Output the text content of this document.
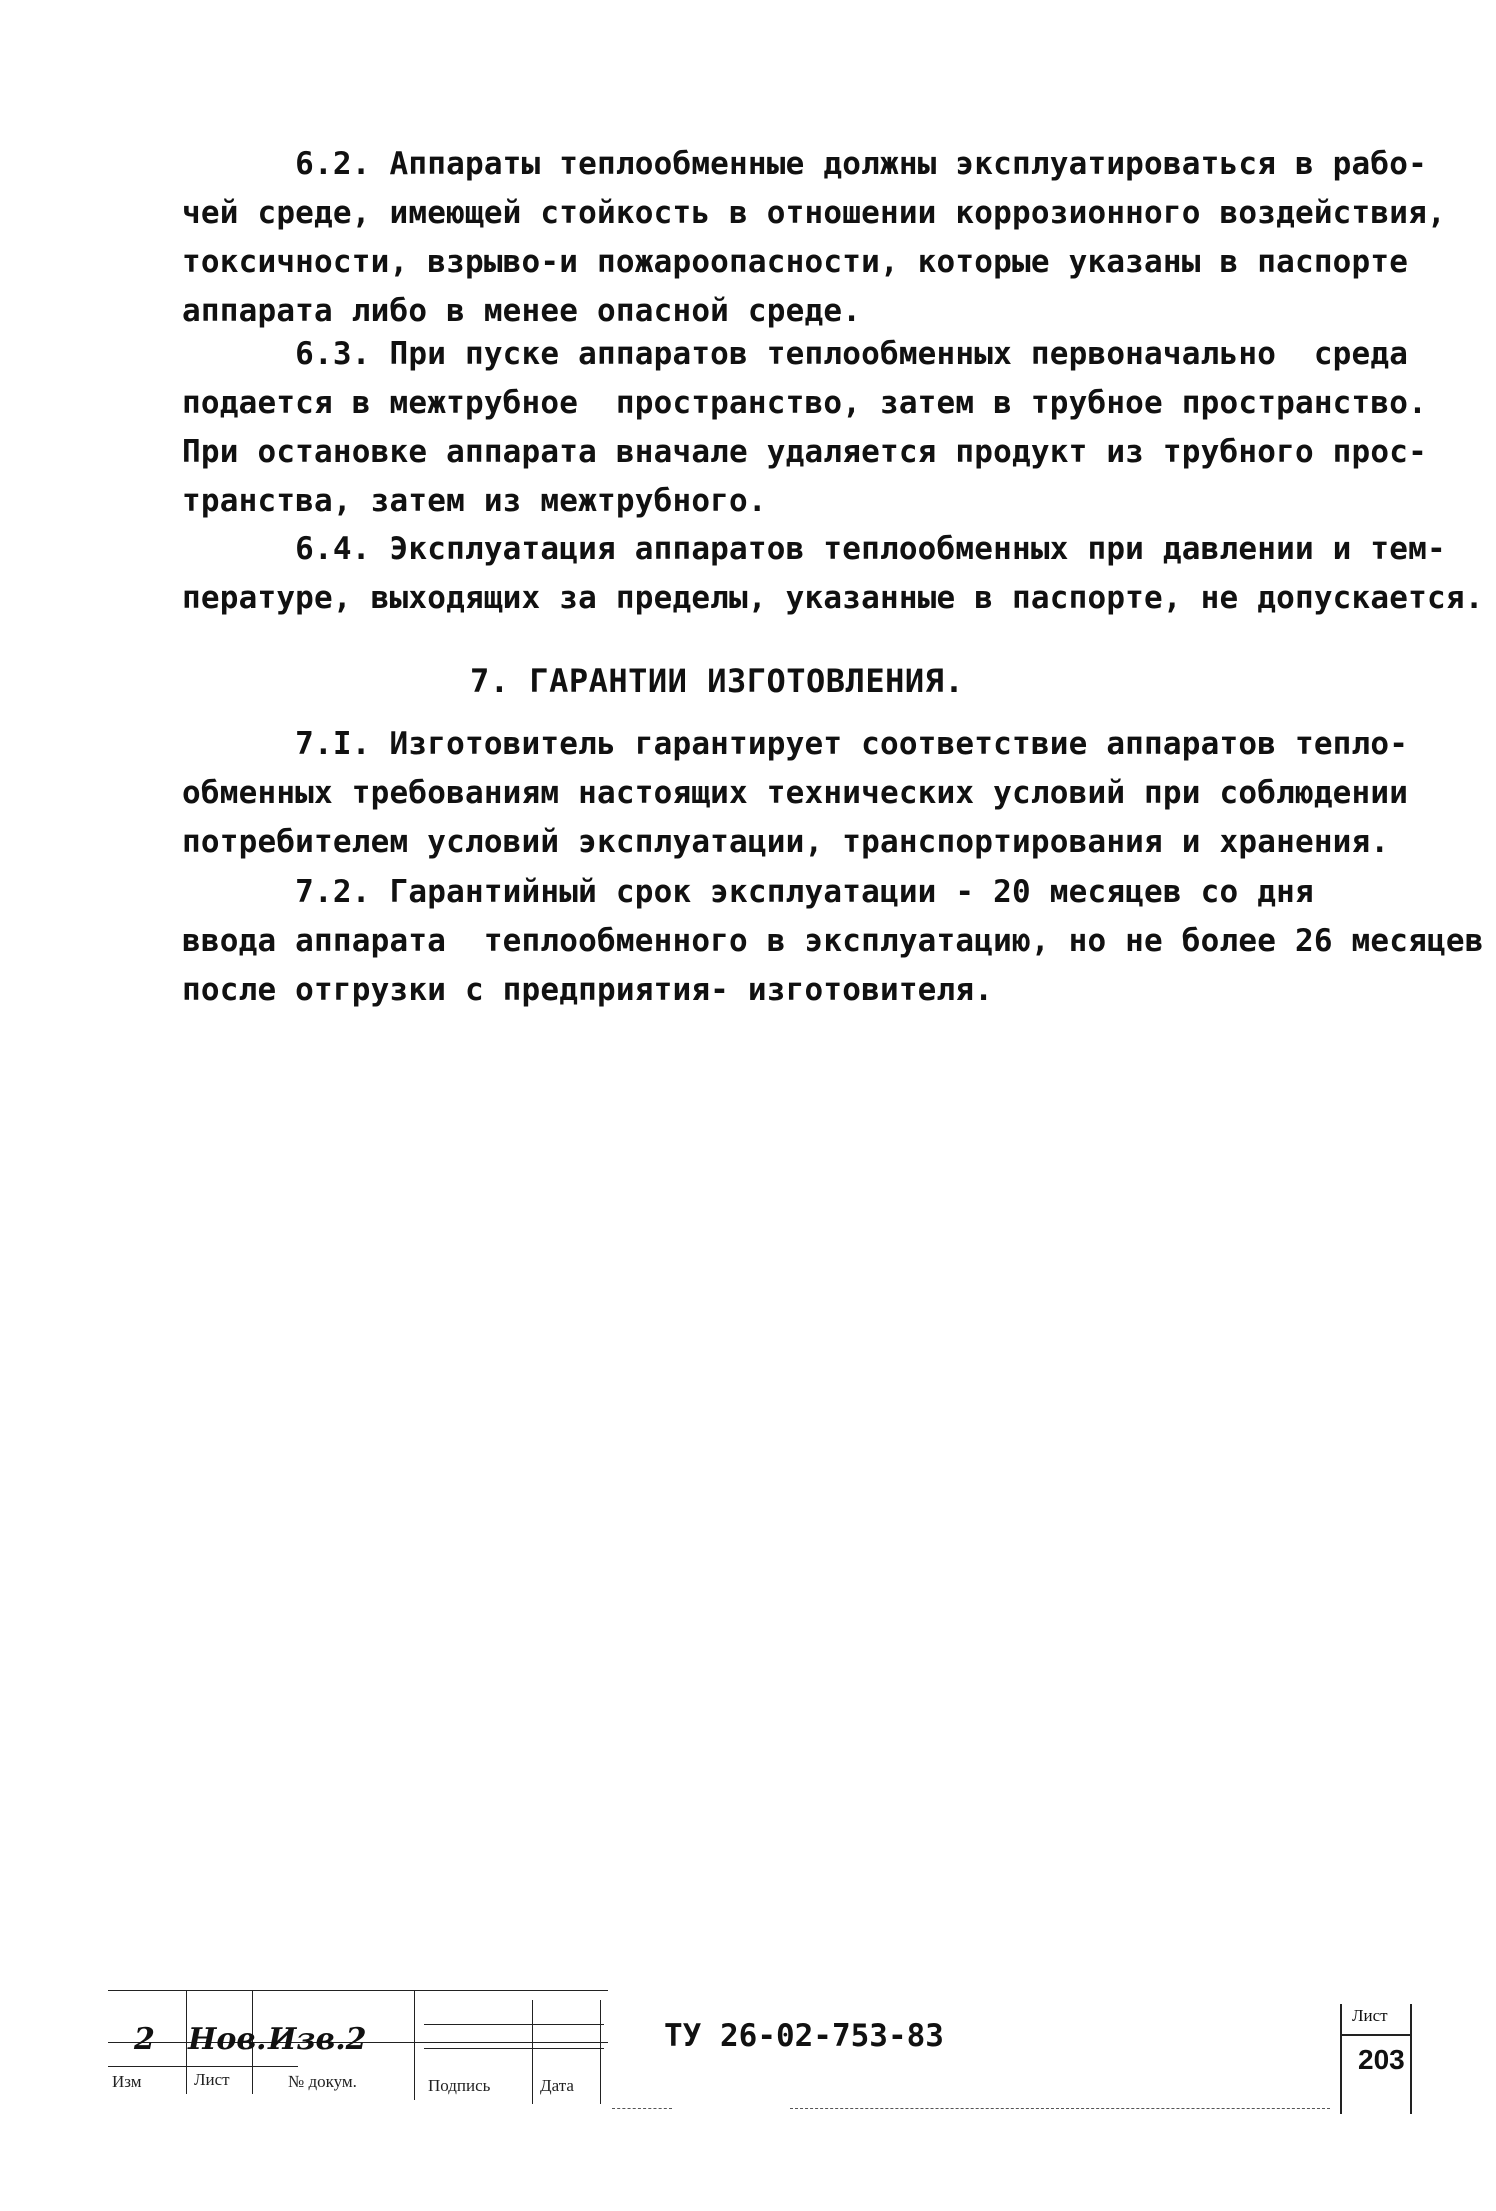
6.2. Аппараты теплообменные должны эксплуатироваться в рабо-
чей среде, имеющей стойкость в отношении коррозионного воздействия,
токсичности, взрыво-и пожароопасности, которые указаны в паспорте
аппарата либо в менее опасной среде.
6.3. При пуске аппаратов теплообменных первоначально  среда
подается в межтрубное  пространство, затем в трубное пространство.
При остановке аппарата вначале удаляется продукт из трубного прос-
транства, затем из межтрубного.
6.4. Эксплуатация аппаратов теплообменных при давлении и тем-
пературе, выходящих за пределы, указанные в паспорте, не допускается.
7. ГАРАНТИИ ИЗГОТОВЛЕНИЯ.
7.I. Изготовитель гарантирует соответствие аппаратов тепло-
обменных требованиям настоящих технических условий при соблюдении
потребителем условий эксплуатации, транспортирования и хранения.
7.2. Гарантийный срок эксплуатации - 20 месяцев со дня
ввода аппарата  теплообменного в эксплуатацию, но не более 26 месяцев
после отгрузки с предприятия- изготовителя.
2 Нов. Изв.2
Изм	Лист	№ докум.	Подпись	Дата
ТУ 26-02-753-83
Лист
203
